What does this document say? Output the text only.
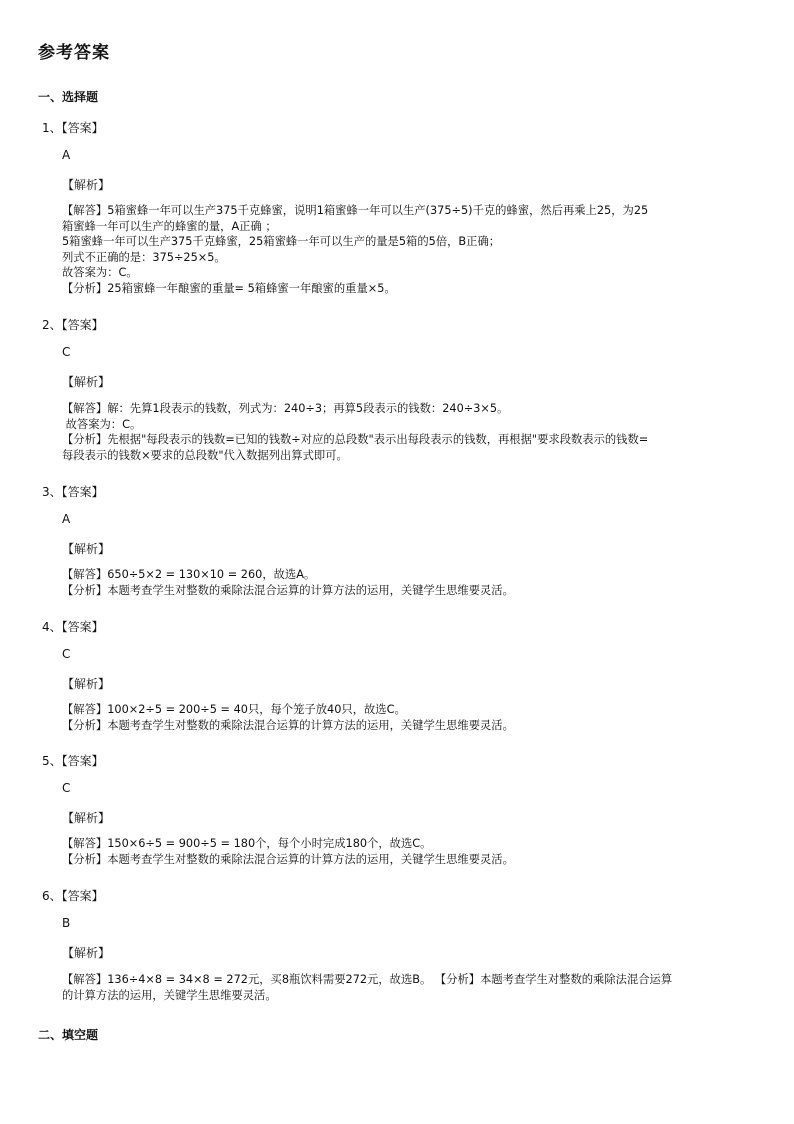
参考答案
一、选择题
1、【答案】
A
【解析】
【解答】5箱蜜蜂一年可以生产375千克蜂蜜，说明1箱蜜蜂一年可以生产(375÷5)千克的蜂蜜，然后再乘上25，为25
箱蜜蜂一年可以生产的蜂蜜的量，A正确 ；
5箱蜜蜂一年可以生产375千克蜂蜜，25箱蜜蜂一年可以生产的量是5箱的5倍，B正确；
列式不正确的是：375÷25×5。
故答案为：C。
【分析】25箱蜜蜂一年酿蜜的重量= 5箱蜂蜜一年酿蜜的重量×5。
2、【答案】
C
【解析】
【解答】解：先算1段表示的钱数，列式为：240÷3；再算5段表示的钱数：240÷3×5。
故答案为：C。
【分析】先根据"每段表示的钱数=已知的钱数÷对应的总段数"表示出每段表示的钱数，再根据"要求段数表示的钱数=
每段表示的钱数×要求的总段数"代入数据列出算式即可。
3、【答案】
A
【解析】
【解答】650÷5×2 = 130×10 = 260，故选A。
【分析】本题考查学生对整数的乘除法混合运算的计算方法的运用，关键学生思维要灵活。
4、【答案】
C
【解析】
【解答】100×2÷5 = 200÷5 = 40只，每个笼子放40只，故选C。
【分析】本题考查学生对整数的乘除法混合运算的计算方法的运用，关键学生思维要灵活。
5、【答案】
C
【解析】
【解答】150×6÷5 = 900÷5 = 180个，每个小时完成180个，故选C。
【分析】本题考查学生对整数的乘除法混合运算的计算方法的运用，关键学生思维要灵活。
6、【答案】
B
【解析】
【解答】136÷4×8 = 34×8 = 272元，买8瓶饮料需要272元，故选B。 【分析】本题考查学生对整数的乘除法混合运算
的计算方法的运用，关键学生思维要灵活。
二、填空题
